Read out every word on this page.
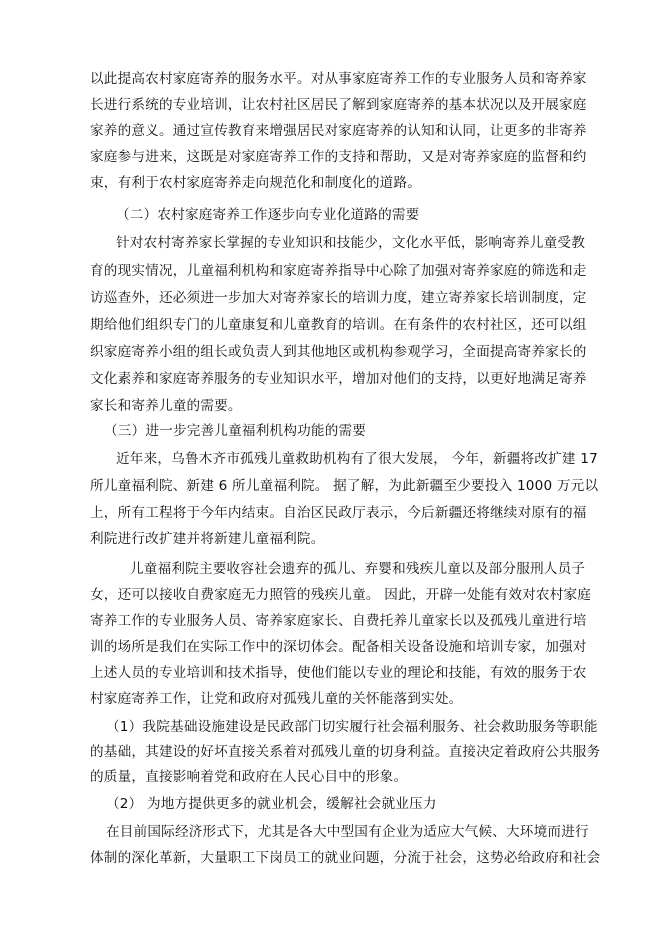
以此提高农村家庭寄养的服务水平。对从事家庭寄养工作的专业服务人员和寄养家
长进行系统的专业培训，让农村社区居民了解到家庭寄养的基本状况以及开展家庭
家养的意义。通过宣传教育来增强居民对家庭寄养的认知和认同，让更多的非寄养
家庭参与进来，这既是对家庭寄养工作的支持和帮助，又是对寄养家庭的监督和约
束，有利于农村家庭寄养走向规范化和制度化的道路。
（二）农村家庭寄养工作逐步向专业化道路的需要
针对农村寄养家长掌握的专业知识和技能少，文化水平低，影响寄养儿童受教
育的现实情况，儿童福利机构和家庭寄养指导中心除了加强对寄养家庭的筛选和走
访巡查外，还必须进一步加大对寄养家长的培训力度，建立寄养家长培训制度，定
期给他们组织专门的儿童康复和儿童教育的培训。在有条件的农村社区，还可以组
织家庭寄养小组的组长或负责人到其他地区或机构参观学习，全面提高寄养家长的
文化素养和家庭寄养服务的专业知识水平，增加对他们的支持，以更好地满足寄养
家长和寄养儿童的需要。
（三）进一步完善儿童福利机构功能的需要
近年来，乌鲁木齐市孤残儿童救助机构有了很大发展， 今年，新疆将改扩建 17
所儿童福利院、新建 6 所儿童福利院。 据了解，为此新疆至少要投入 1000 万元以
上，所有工程将于今年内结束。自治区民政厅表示，今后新疆还将继续对原有的福
利院进行改扩建并将新建儿童福利院。
儿童福利院主要收容社会遗弃的孤儿、弃婴和残疾儿童以及部分服刑人员子
女，还可以接收自费家庭无力照管的残疾儿童。 因此，开辟一处能有效对农村家庭
寄养工作的专业服务人员、寄养家庭家长、自费托养儿童家长以及孤残儿童进行培
训的场所是我们在实际工作中的深切体会。配备相关设备设施和培训专家，加强对
上述人员的专业培训和技术指导，使他们能以专业的理论和技能，有效的服务于农
村家庭寄养工作，让党和政府对孤残儿童的关怀能落到实处。
（1）我院基础设施建设是民政部门切实履行社会福利服务、社会救助服务等职能
的基础，其建设的好坏直接关系着对孤残儿童的切身利益。直接决定着政府公共服务
的质量，直接影响着党和政府在人民心目中的形象。
（2） 为地方提供更多的就业机会，缓解社会就业压力
在目前国际经济形式下，尤其是各大中型国有企业为适应大气候、大环境而进行
体制的深化革新，大量职工下岗员工的就业问题，分流于社会，这势必给政府和社会
